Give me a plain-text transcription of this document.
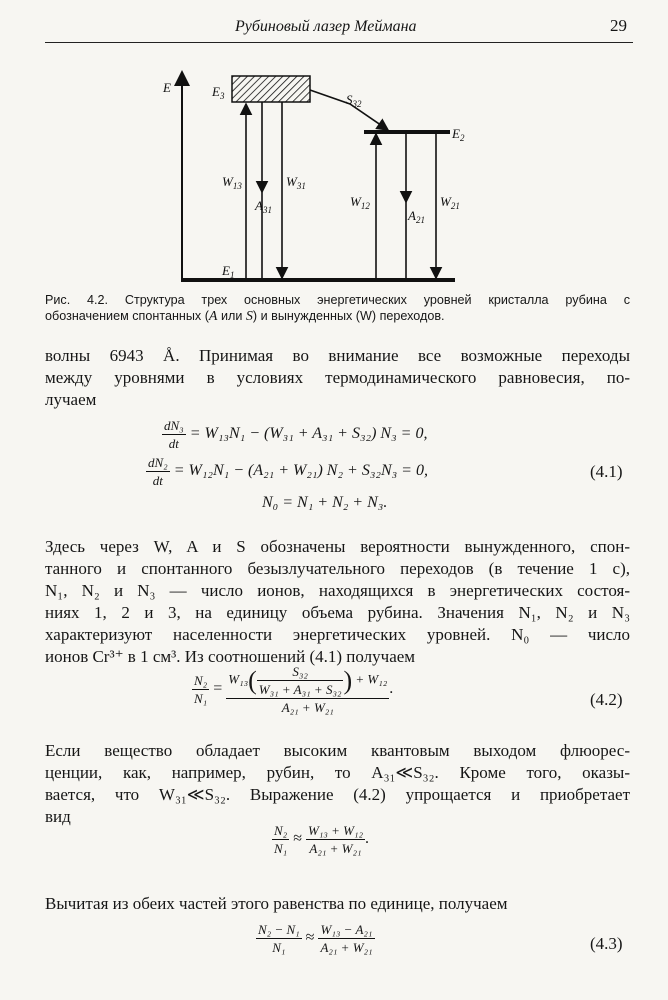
Рубиновый лазер Меймана	29
E	$E_3$
$E_2$
$E_1$
$S_{32}$
$W_{13}$
$A_{31}$
$W_{31}$
$W_{12}$
$A_{21}$
$W_{21}$
Рис. 4.2. Структура трех основных энергетических уровней кристалла рубина с
обозначением спонтанных (A или S) и вынужденных (W) переходов.
волны 6943 Å. Принимая во внимание все возможные переходы
между уровнями в условиях термодинамического равновесия, по-
лучаем
$\frac{\text{dN₃}}{dt} = W_{13}N_1 - (W_{31} + A_{31} + S_{32}) N_3 = 0$,
$\frac{\text{dN₂}}{dt} = W_{12}N_1 - (A_{21} + W_{21}) N_2 + S_{32}N_3 = 0$,
N₀ = N₁ + N₂ + N₃.
(4.1)
Здесь через W, A и S обозначены вероятности вынужденного, спон-
танного и спонтанного безызлучательного переходов (в течение 1 с),
N₁, N₂ и N₃ — число ионов, находящихся в энергетических состоя-
ниях 1, 2 и 3, на единицу объема рубина. Значения N₁, N₂ и N₃
характеризуют населенности энергетических уровней. N₀ — число
ионов Cr³⁺ в 1 см³. Из соотношений (4.1) получаем
$\frac{\text{N₂}}{\text{N₁}} = \frac{W_{13}( \frac{\text{S₃₂}}{\text{W₃₁ + A₃₁ + S₃₂}} ) + W_{12}}{\text{A₂₁ + W₂₁}}$ .
(4.2)
Если вещество обладает высоким квантовым выходом флюорес-
ценции, как, например, рубин, то A₃₁≪S₃₂. Кроме того, оказы-
вается, что W₃₁≪S₃₂. Выражение (4.2) упрощается и приобретает
вид
$\frac{\text{N₂}}{\text{N₁}} \approx \frac{\text{W₁₃ + W₁₂}}{\text{A₂₁ + W₂₁}}$ .
Вычитая из обеих частей этого равенства по единице, получаем
$\frac{\text{N₂ − N₁}}{\text{N₁}} \approx \frac{\text{W₁₃ − A₂₁}}{\text{A₂₁ + W₂₁}}$	(4.3)
